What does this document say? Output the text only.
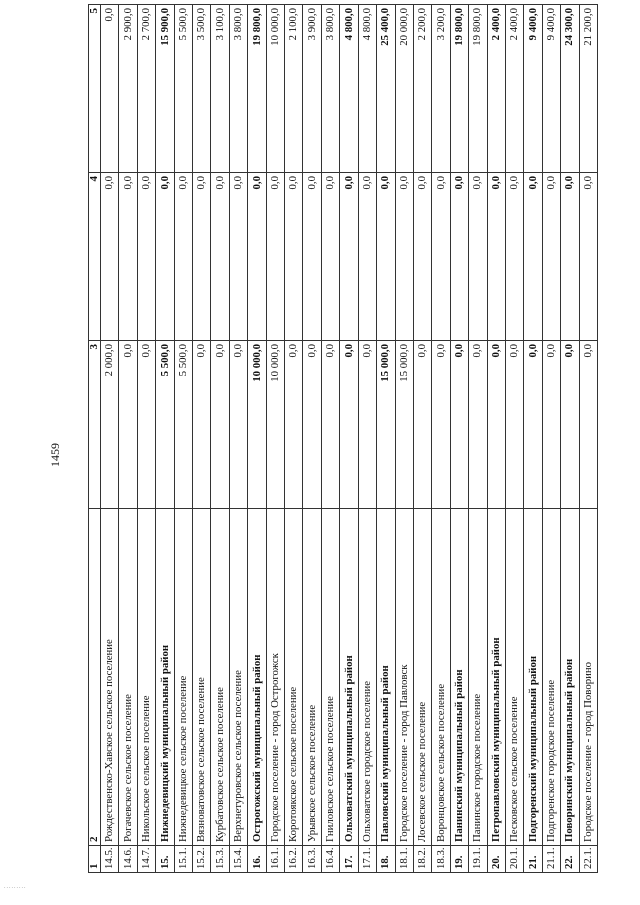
1459
1	2	3	4	5
14.5.	Рождественско-Хавское сельское поселение	2 000,0	0,0	0,0
14.6.	Рогачевское сельское поселение	0,0	0,0	2 900,0
14.7.	Никольское сельское поселение	0,0	0,0	2 700,0
15.	Нижнедевицкий муниципальный район	5 500,0	0,0	15 900,0
15.1.	Нижнедевицкое сельское поселение	5 500,0	0,0	5 500,0
15.2.	Вязноватовское сельское поселение	0,0	0,0	3 500,0
15.3.	Курбатовское сельское поселение	0,0	0,0	3 100,0
15.4.	Верхнетуровское сельское поселение	0,0	0,0	3 800,0
16.	Острогожский муниципальный район	10 000,0	0,0	19 800,0
16.1.	Городское поселение - город Острогожск	10 000,0	0,0	10 000,0
16.2.	Коротоякское сельское поселение	0,0	0,0	2 100,0
16.3.	Урывское сельское поселение	0,0	0,0	3 900,0
16.4.	Гниловское сельское поселение	0,0	0,0	3 800,0
17.	Ольховатский муниципальный район	0,0	0,0	4 800,0
17.1.	Ольховатское городское поселение	0,0	0,0	4 800,0
18.	Павловский муниципальный район	15 000,0	0,0	25 400,0
18.1.	Городское поселение - город Павловск	15 000,0	0,0	20 000,0
18.2.	Лосевское сельское поселение	0,0	0,0	2 200,0
18.3.	Воронцовское сельское поселение	0,0	0,0	3 200,0
19.	Панинский муниципальный район	0,0	0,0	19 800,0
19.1.	Панинское городское поселение	0,0	0,0	19 800,0
20.	Петропавловский муниципальный район	0,0	0,0	2 400,0
20.1.	Песковское сельское поселение	0,0	0,0	2 400,0
21.	Подгоренский муниципальный район	0,0	0,0	9 400,0
21.1.	Подгоренское городское поселение	0,0	0,0	9 400,0
22.	Поворинский муниципальный район	0,0	0,0	24 300,0
22.1.	Городское поселение - город Поворино	0,0	0,0	21 200,0
.........
